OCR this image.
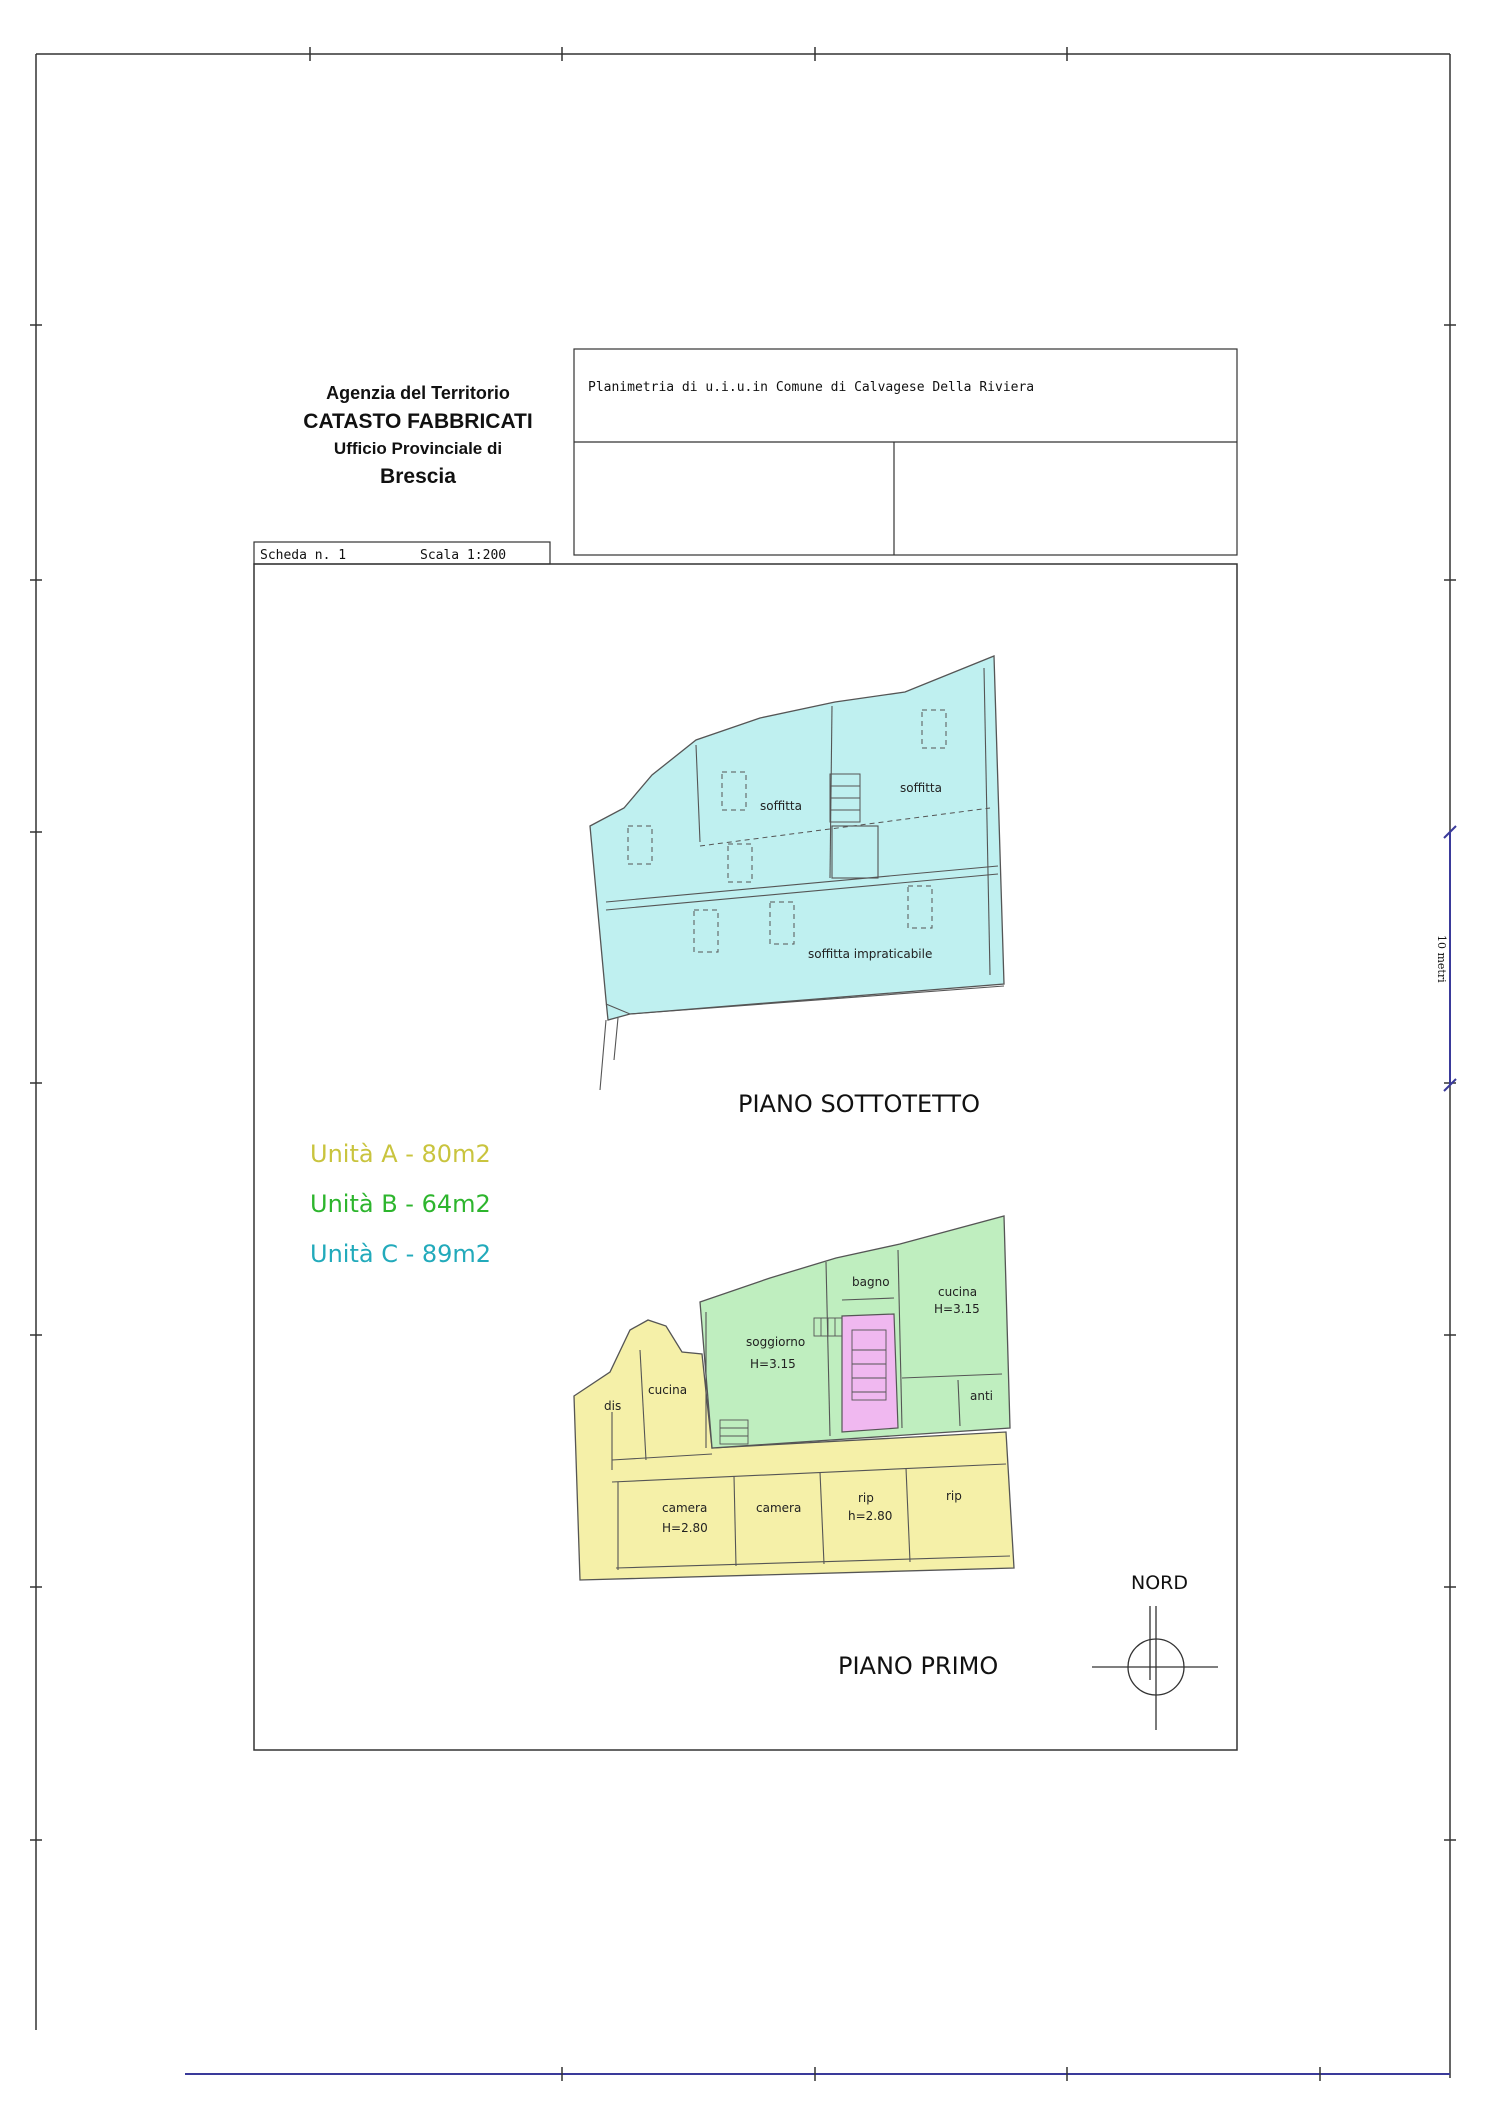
soffitta
soffitta
soffitta impraticabile
bagno
cucina
H=3.15
soggiorno
H=3.15
anti
dis
cucina
camera
H=2.80
camera
rip
h=2.80
rip
Agenzia del Territorio
CATASTO FABBRICATI
Ufficio Provinciale di
Brescia
Planimetria di u.i.u.in Comune di Calvagese Della Riviera
Scheda n. 1	Scala 1:200
Unità A - 80m2
Unità B - 64m2
Unità C - 89m2
PIANO SOTTOTETTO
PIANO PRIMO
NORD
10 metri
